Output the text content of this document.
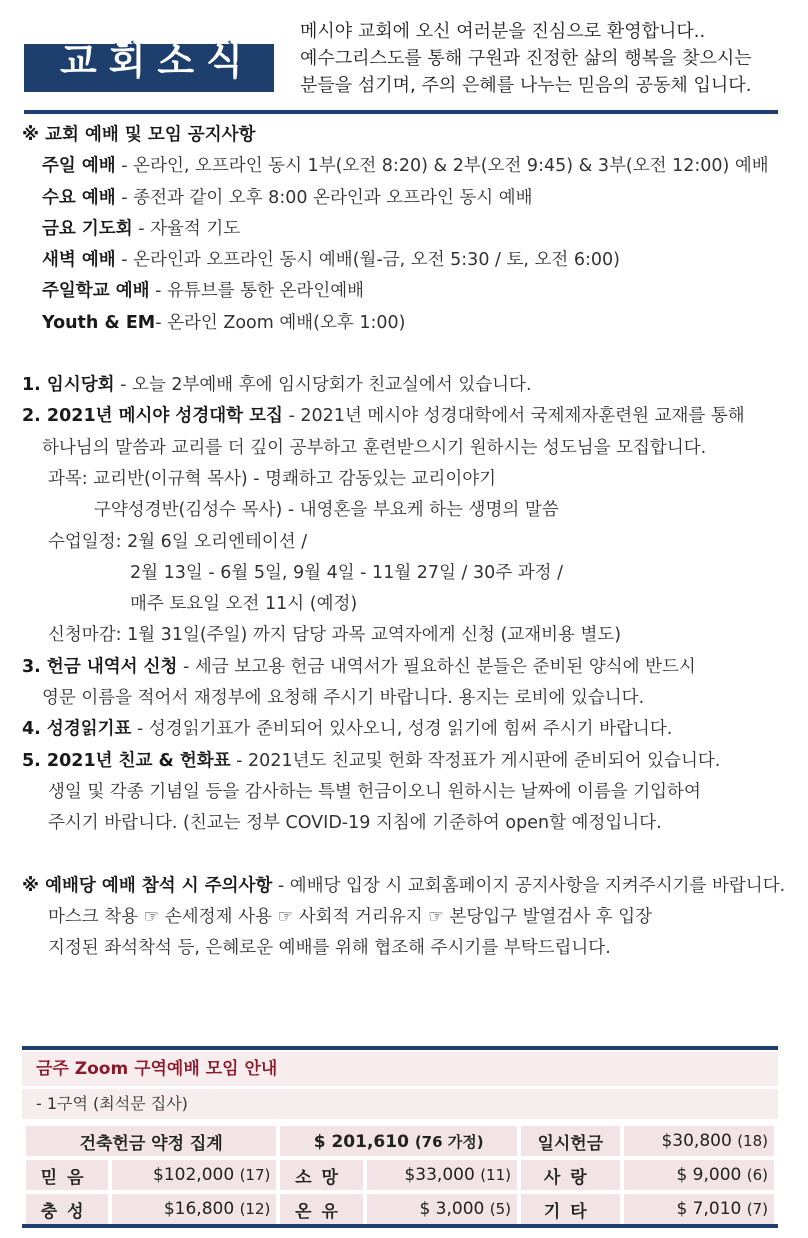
교회소식
메시야 교회에 오신 여러분을 진심으로 환영합니다..
예수그리스도를 통해 구원과 진정한 삶의 행복을 찾으시는
분들을 섬기며, 주의 은혜를 나누는 믿음의 공동체 입니다.
※ 교회 예배 및 모임 공지사항
주일 예배 - 온라인, 오프라인 동시 1부(오전 8:20) & 2부(오전 9:45) & 3부(오전 12:00) 예배
수요 예배 - 종전과 같이 오후 8:00 온라인과 오프라인 동시 예배
금요 기도회 - 자율적 기도
새벽 예배 - 온라인과 오프라인 동시 예배(월-금, 오전 5:30 / 토, 오전 6:00)
주일학교 예배 - 유튜브를 통한 온라인예배
Youth & EM- 온라인 Zoom 예배(오후 1:00)
1. 임시당회 - 오늘 2부예배 후에 임시당회가 친교실에서 있습니다.
2. 2021년 메시야 성경대학 모집 - 2021년 메시야 성경대학에서 국제제자훈련원 교재를 통해
하나님의 말씀과 교리를 더 깊이 공부하고 훈련받으시기 원하시는 성도님을 모집합니다.
과목: 교리반(이규혁 목사) - 명쾌하고 감동있는 교리이야기
구약성경반(김성수 목사) - 내영혼을 부요케 하는 생명의 말씀
수업일정: 2월 6일 오리엔테이션 /
2월 13일 - 6월 5일, 9월 4일 - 11월 27일 / 30주 과정 /
매주 토요일 오전 11시 (예정)
신청마감: 1월 31일(주일) 까지 담당 과목 교역자에게 신청 (교재비용 별도)
3. 헌금 내역서 신청 - 세금 보고용 헌금 내역서가 필요하신 분들은 준비된 양식에 반드시
영문 이름을 적어서 재정부에 요청해 주시기 바랍니다. 용지는 로비에 있습니다.
4. 성경읽기표 - 성경읽기표가 준비되어 있사오니, 성경 읽기에 힘써 주시기 바랍니다.
5. 2021년 친교 & 헌화표 - 2021년도 친교및 헌화 작정표가 게시판에 준비되어 있습니다.
생일 및 각종 기념일 등을 감사하는 특별 헌금이오니 원하시는 날짜에 이름을 기입하여
주시기 바랍니다. (친교는 정부 COVID-19 지침에 기준하여 open할 예정입니다.
※ 예배당 예배 참석 시 주의사항 - 예배당 입장 시 교회홈페이지 공지사항을 지켜주시기를 바랍니다.
마스크 착용 ☞ 손세정제 사용 ☞ 사회적 거리유지 ☞ 본당입구 발열검사 후 입장
지정된 좌석착석 등, 은혜로운 예배를 위해 협조해 주시기를 부탁드립니다.
금주 Zoom 구역예배 모임 안내
- 1구역 (최석문 집사)
건축헌금 약정 집계		$ 201,610 (76 가정)		일시헌금	$30,800 (18)
믿음	$102,000 (17)	소망	$33,000 (11)	사랑	$ 9,000 (6)
충성	$16,800 (12)	온유	$ 3,000 (5)	기타	$ 7,010 (7)
